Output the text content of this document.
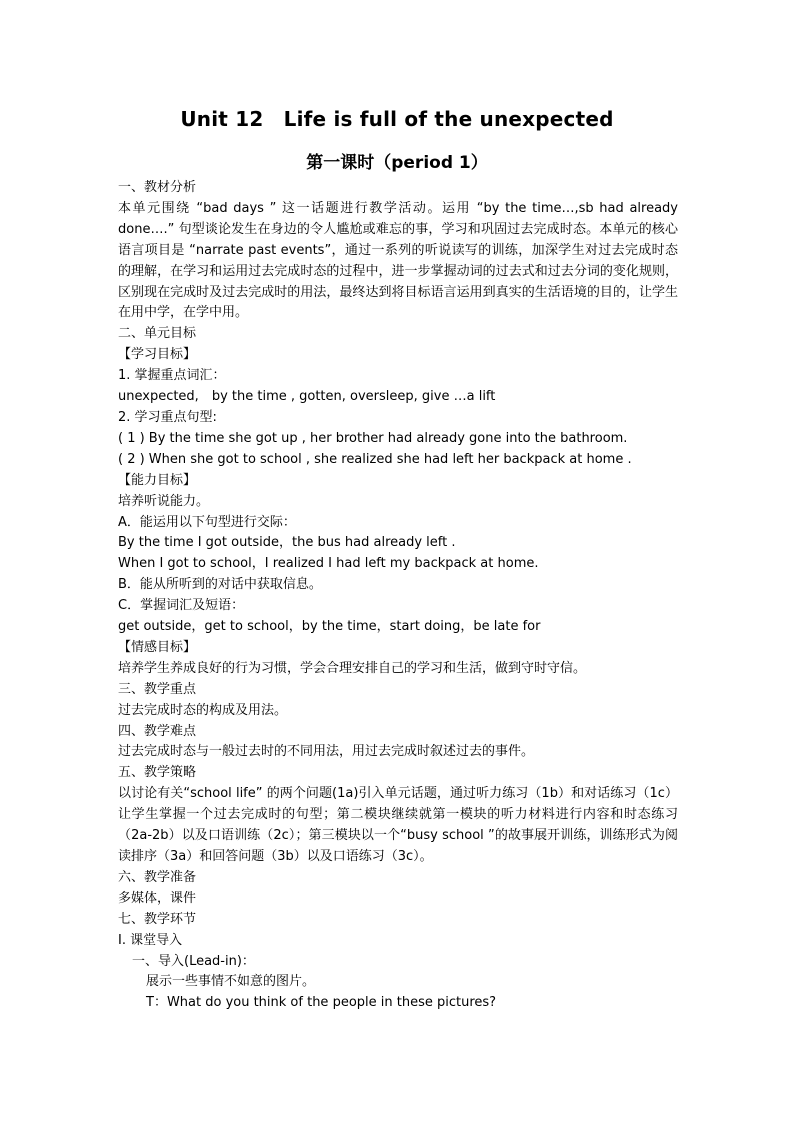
Unit 12　Life is full of the unexpected
第一课时（period 1）
一、教材分析
本单元围绕 “bad days ” 这一话题进行教学活动。运用 “by the time…,sb had already done….” 句型谈论发生在身边的令人尴尬或难忘的事，学习和巩固过去完成时态。本单元的核心语言项目是 “narrate past events”，通过一系列的听说读写的训练，加深学生对过去完成时态的理解，在学习和运用过去完成时态的过程中，进一步掌握动词的过去式和过去分词的变化规则，区别现在完成时及过去完成时的用法，最终达到将目标语言运用到真实的生活语境的目的，让学生在用中学，在学中用。
二、单元目标
【学习目标】
1. 掌握重点词汇：
unexpected,　by the time , gotten, oversleep, give …a lift
2. 学习重点句型:
( 1 ) By the time she got up , her brother had already gone into the bathroom.
( 2 ) When she got to school , she realized she had left her backpack at home .
【能力目标】
培养听说能力。
A．能运用以下句型进行交际：
By the time I got outside，the bus had already left .
When I got to school，I realized I had left my backpack at home.
B．能从所听到的对话中获取信息。
C．掌握词汇及短语：
get outside，get to school，by the time，start doing，be late for
【情感目标】
培养学生养成良好的行为习惯，学会合理安排自己的学习和生活，做到守时守信。
三、教学重点
过去完成时态的构成及用法。
四、教学难点
过去完成时态与一般过去时的不同用法，用过去完成时叙述过去的事件。
五、教学策略
以讨论有关“school life” 的两个问题(1a)引入单元话题，通过听力练习（1b）和对话练习（1c）让学生掌握一个过去完成时的句型；第二模块继续就第一模块的听力材料进行内容和时态练习（2a-2b）以及口语训练（2c）；第三模块以一个“busy school ”的故事展开训练，训练形式为阅读排序（3a）和回答问题（3b）以及口语练习（3c）。
六、教学准备
多媒体，课件
七、教学环节
I. 课堂导入
一、导入(Lead-in)：
展示一些事情不如意的图片。
T：What do you think of the people in these pictures?
